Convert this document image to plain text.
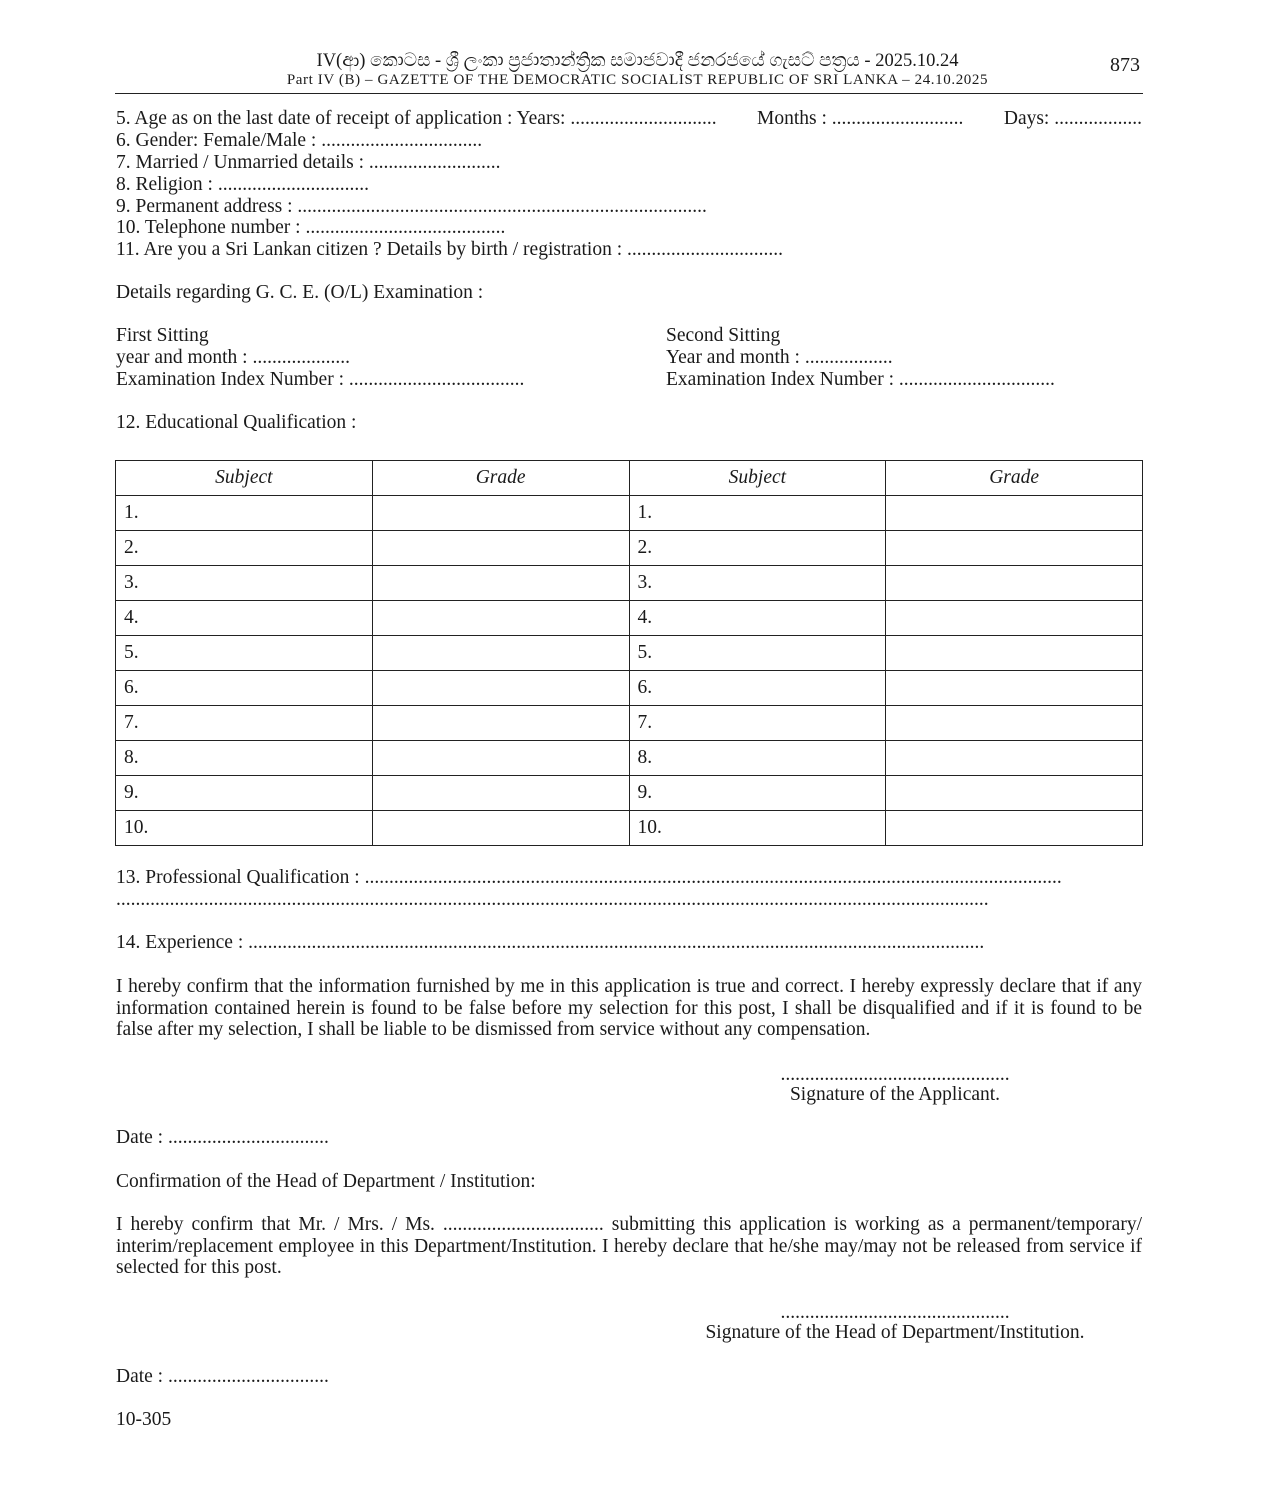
IV(ආ) කොටස - ශ්‍රී ලංකා ප්‍රජාතාන්ත්‍රික සමාජවාදී ජනරජයේ ගැසට් පත්‍රය - 2025.10.24
Part IV (B) – GAZETTE OF THE DEMOCRATIC SOCIALIST REPUBLIC OF SRI LANKA – 24.10.2025
873
5. Age as on the last date of receipt of application : Years: .............................. Months : ........................... Days: ..................
6. Gender: Female/Male : .................................
7. Married / Unmarried details : ...........................
8. Religion : ...............................
9. Permanent address : ....................................................................................
10. Telephone number : .........................................
11. Are you a Sri Lankan citizen ? Details by birth / registration : ................................
Details regarding G. C. E. (O/L) Examination :
First Sitting
year and month : ....................
Examination Index Number : ....................................
Second Sitting
Year and month : ..................
Examination Index Number : ................................
12. Educational Qualification :
Subject	Grade	Subject	Grade
1.		1.	
2.		2.	
3.		3.	
4.		4.	
5.		5.	
6.		6.	
7.		7.	
8.		8.	
9.		9.	
10.		10.	
13. Professional Qualification : ...............................................................................................................................................
...................................................................................................................................................................................
14. Experience : .......................................................................................................................................................
I hereby confirm that the information furnished by me in this application is true and correct. I hereby expressly declare that if any information contained herein is found to be false before my selection for this post, I shall be disqualified and if it is found to be false after my selection, I shall be liable to be dismissed from service without any compensation.
...............................................
Signature of the Applicant.
Date : .................................
Confirmation of the Head of Department / Institution:
I hereby confirm that Mr. / Mrs. / Ms. ................................. submitting this application is working as a permanent/temporary/ interim/replacement employee in this Department/Institution. I hereby declare that he/she may/may not be released from service if selected for this post.
...............................................
Signature of the Head of Department/Institution.
Date : .................................
10-305
